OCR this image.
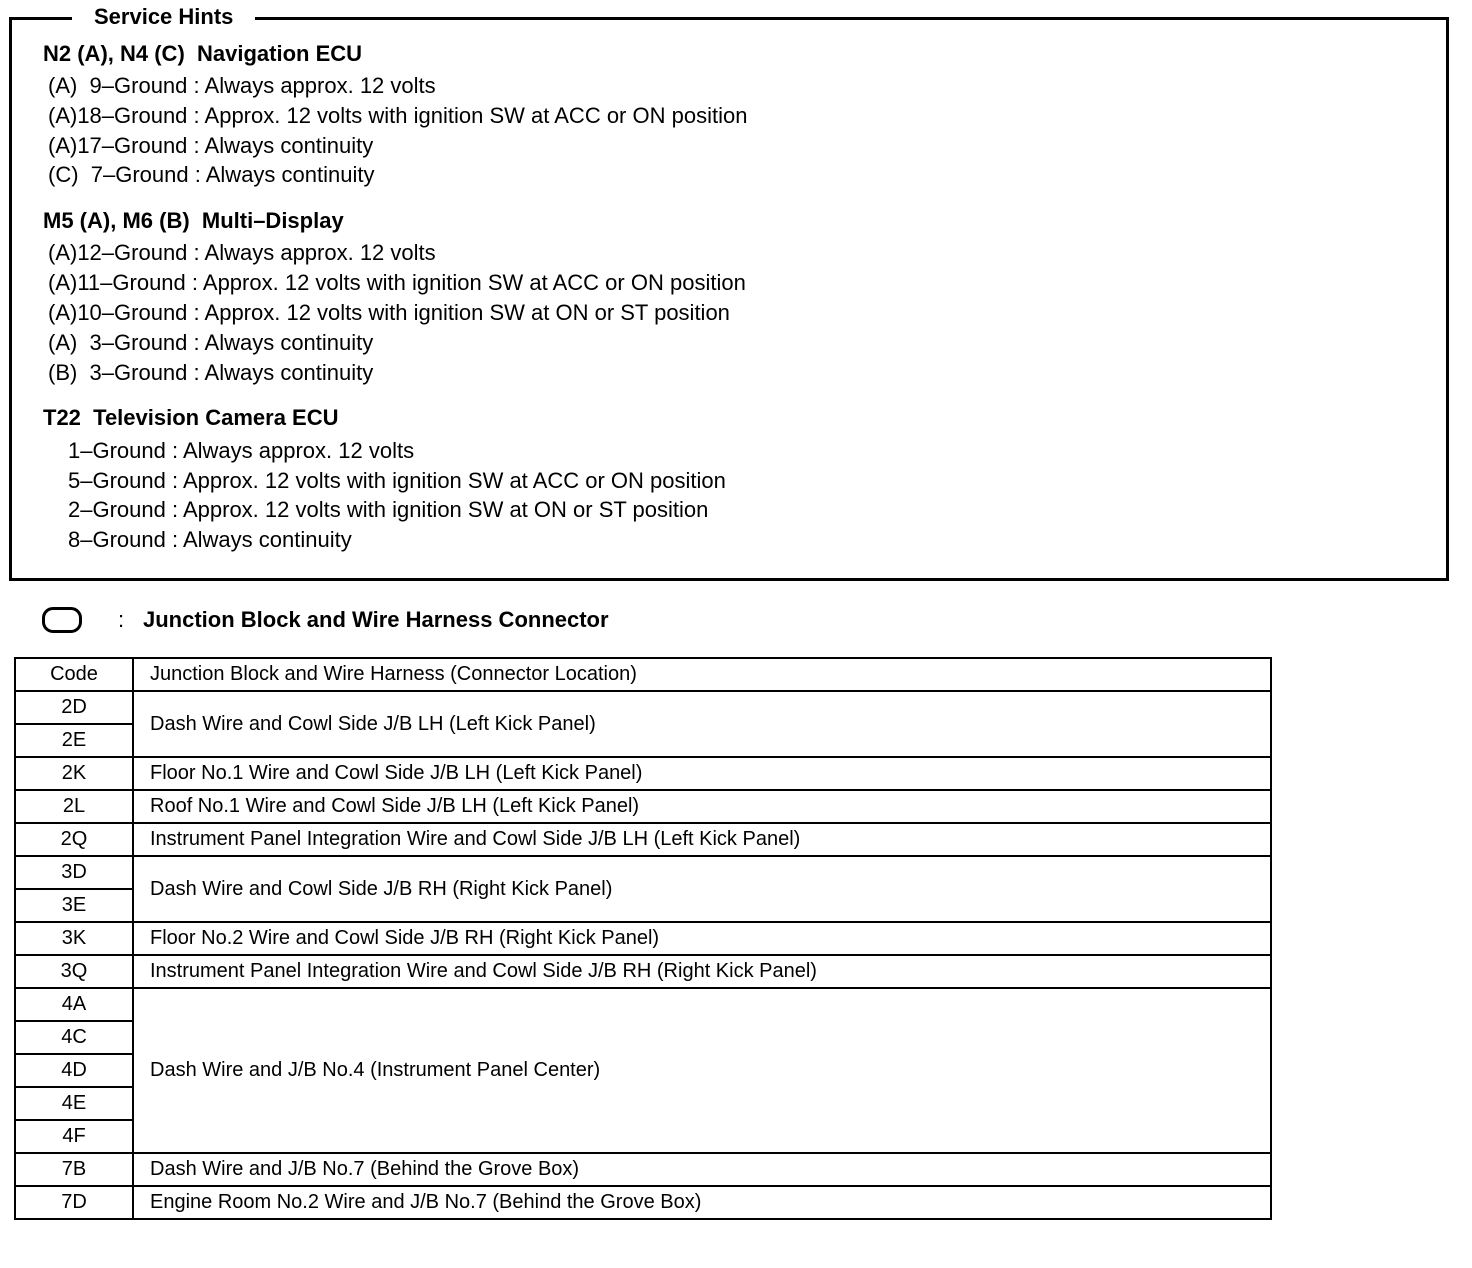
Service Hints
N2 (A), N4 (C)  Navigation ECU
(A)  9–Ground : Always approx. 12 volts
(A)18–Ground : Approx. 12 volts with ignition SW at ACC or ON position
(A)17–Ground : Always continuity
(C)  7–Ground : Always continuity
M5 (A), M6 (B)  Multi–Display
(A)12–Ground : Always approx. 12 volts
(A)11–Ground : Approx. 12 volts with ignition SW at ACC or ON position
(A)10–Ground : Approx. 12 volts with ignition SW at ON or ST position
(A)  3–Ground : Always continuity
(B)  3–Ground : Always continuity
T22  Television Camera ECU
1–Ground : Always approx. 12 volts
5–Ground : Approx. 12 volts with ignition SW at ACC or ON position
2–Ground : Approx. 12 volts with ignition SW at ON or ST position
8–Ground : Always continuity
: Junction Block and Wire Harness Connector
Code	Junction Block and Wire Harness (Connector Location)
2D	Dash Wire and Cowl Side J/B LH (Left Kick Panel)
2E	
2K	Floor No.1 Wire and Cowl Side J/B LH (Left Kick Panel)
2L	Roof No.1 Wire and Cowl Side J/B LH (Left Kick Panel)
2Q	Instrument Panel Integration Wire and Cowl Side J/B LH (Left Kick Panel)
3D	Dash Wire and Cowl Side J/B RH (Right Kick Panel)
3E	
3K	Floor No.2 Wire and Cowl Side J/B RH (Right Kick Panel)
3Q	Instrument Panel Integration Wire and Cowl Side J/B RH (Right Kick Panel)
4A	Dash Wire and J/B No.4 (Instrument Panel Center)
4C	
4D	
4E	
4F	
7B	Dash Wire and J/B No.7 (Behind the Grove Box)
7D	Engine Room No.2 Wire and J/B No.7 (Behind the Grove Box)
